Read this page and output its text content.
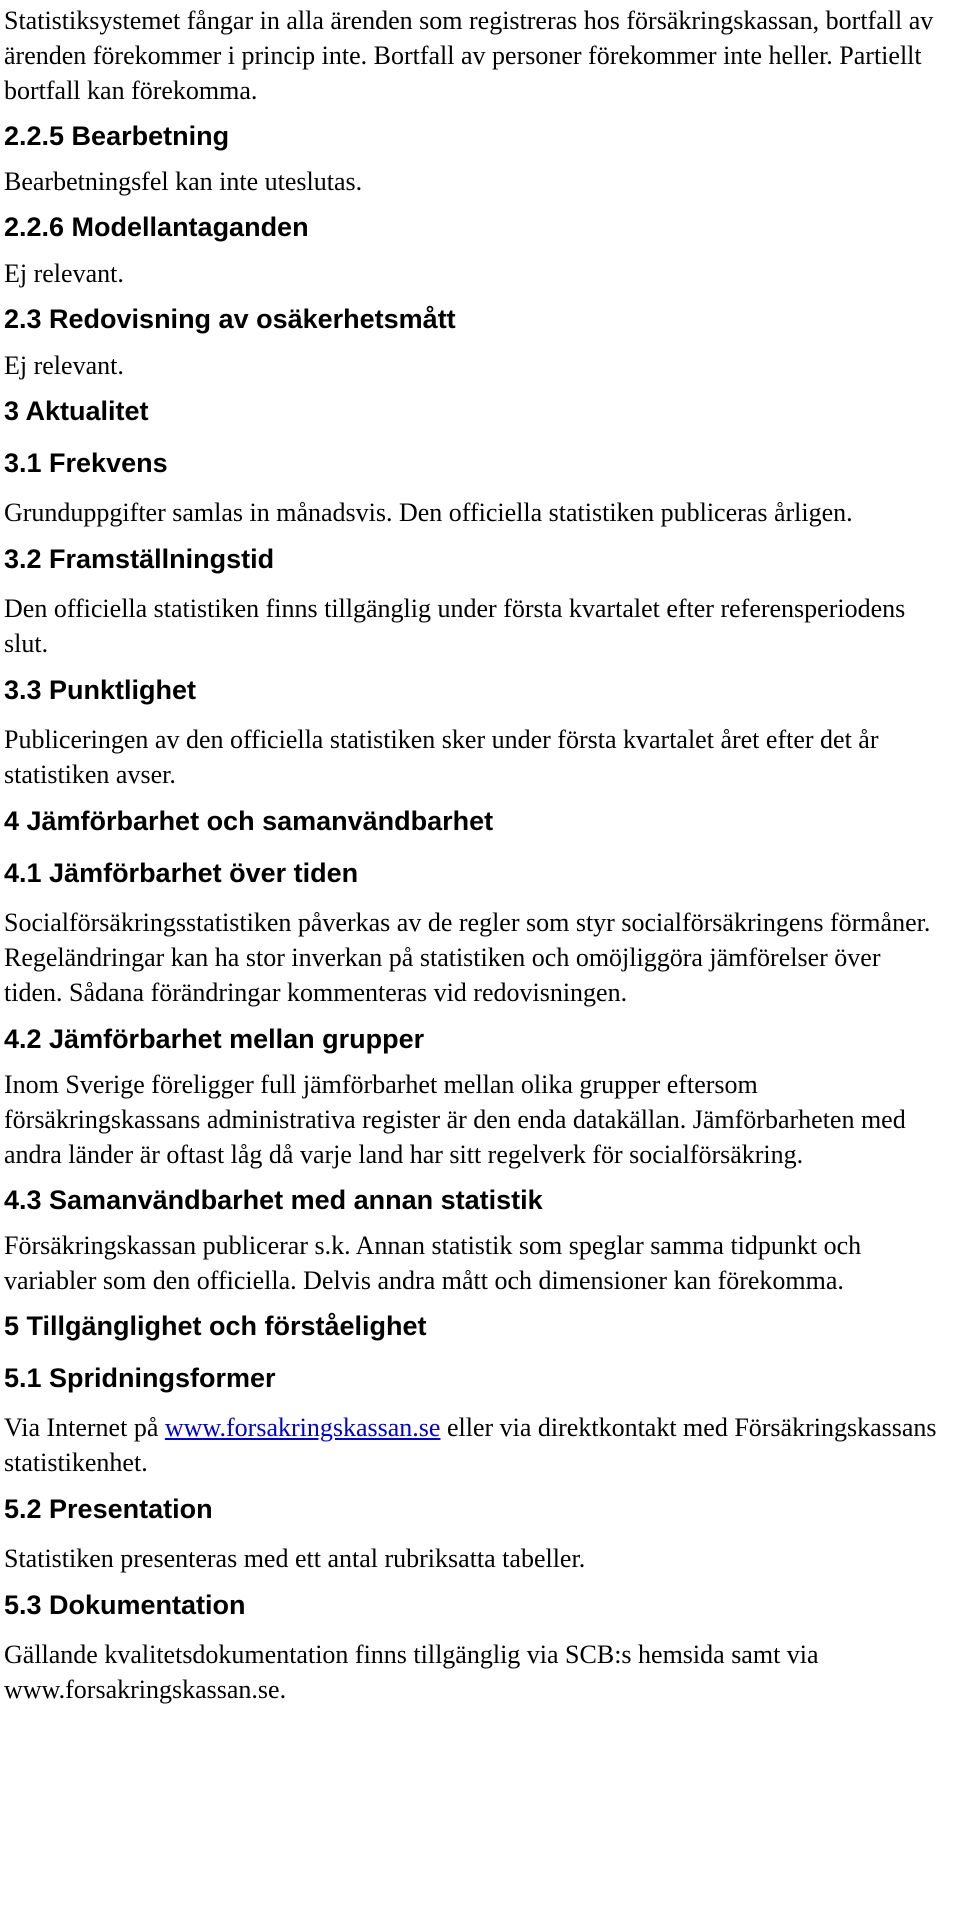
Statistiksystemet fångar in alla ärenden som registreras hos försäkringskassan, bortfall av ärenden förekommer i princip inte. Bortfall av personer förekommer inte heller. Partiellt bortfall kan förekomma.

2.2.5 Bearbetning

Bearbetningsfel kan inte uteslutas.

2.2.6 Modellantaganden

Ej relevant.

2.3 Redovisning av osäkerhetsmått

Ej relevant.

3 Aktualitet
3.1 Frekvens

Grunduppgifter samlas in månadsvis. Den officiella statistiken publiceras årligen.

3.2 Framställningstid

Den officiella statistiken finns tillgänglig under första kvartalet efter referensperiodens slut.

3.3 Punktlighet

Publiceringen av den officiella statistiken sker under första kvartalet året efter det år statistiken avser.

4 Jämförbarhet och samanvändbarhet
4.1 Jämförbarhet över tiden

Socialförsäkringsstatistiken påverkas av de regler som styr socialförsäkringens förmåner. Regeländringar kan ha stor inverkan på statistiken och omöjliggöra jämförelser över tiden. Sådana förändringar kommenteras vid redovisningen.

4.2 Jämförbarhet mellan grupper

Inom Sverige föreligger full jämförbarhet mellan olika grupper eftersom försäkringskassans administrativa register är den enda datakällan. Jämförbarheten med andra länder är oftast låg då varje land har sitt regelverk för socialförsäkring.

4.3 Samanvändbarhet med annan statistik

Försäkringskassan publicerar s.k. Annan statistik som speglar samma tidpunkt och variabler som den officiella. Delvis andra mått och dimensioner kan förekomma.

5 Tillgänglighet och förståelighet
5.1 Spridningsformer

Via Internet på www.forsakringskassan.se eller via direktkontakt med Försäkringskassans statistikenhet.

5.2 Presentation

Statistiken presenteras med ett antal rubriksatta tabeller.

5.3 Dokumentation

Gällande kvalitetsdokumentation finns tillgänglig via SCB:s hemsida samt via www.forsakringskassan.se.
